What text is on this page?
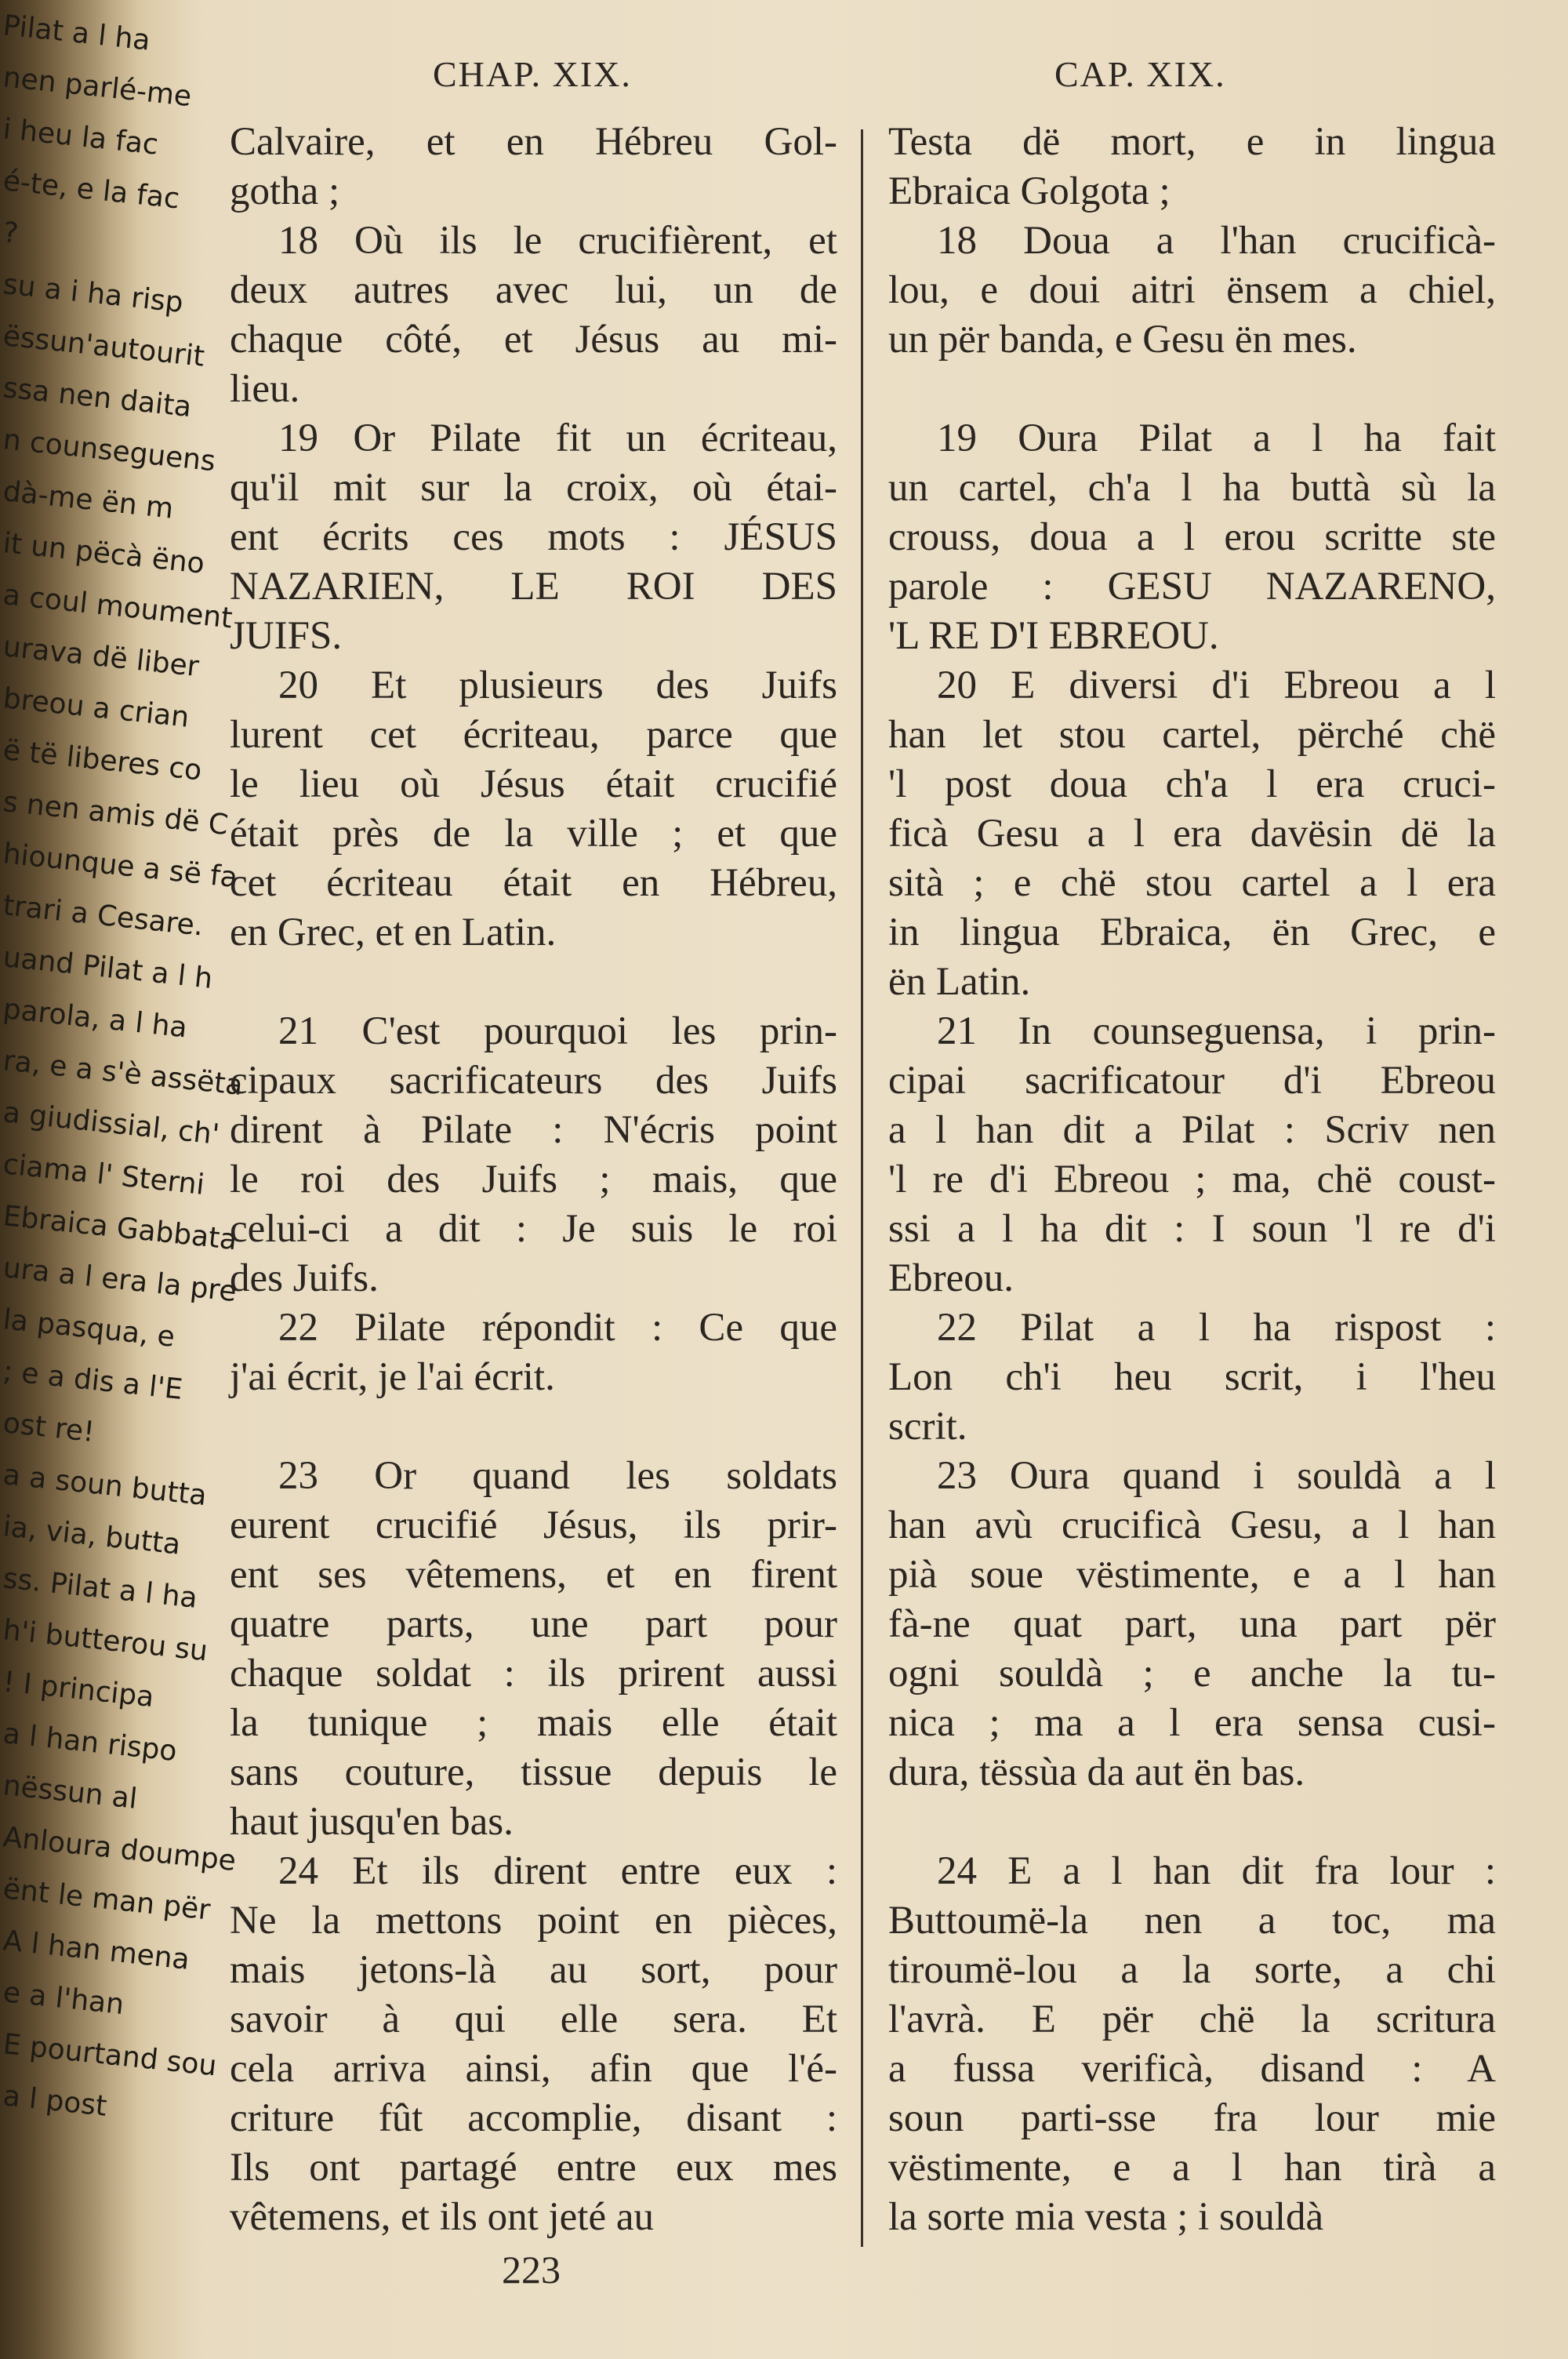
Pilat a l ha
nen parlé-me
i heu la fac
é-te, e la fac
?
su a i ha risp
ëssun'autourit
ssa nen daita
n counseguens
dà-me ën m
it un pëcà ëno
a coul moument
urava dë liber
breou a crian
ë të liberes co
s nen amis dë C
hiounque a së fa
trari a Cesare.
uand Pilat a l h
parola, a l ha
ra, e a s'è assëta
a giudissial, ch'
ciama l' Sterni
Ebraica Gabbata
ura a l era la pre
la pasqua, e
; e a dis a l'E
ost re!
a a soun butta
ia, via, butta
ss. Pilat a l ha
h'i butterou su
! I principa
a l han rispo
nëssun al
Anloura doumpe
ënt le man për
A l han mena
e a l'han
E pourtand sou
a l post
CHAP. XIX.	CAP. XIX.
Calvaire, et en Hébreu Gol-
gotha ;
18 Où ils le crucifièrent, et
deux autres avec lui, un de
chaque côté, et Jésus au mi-
lieu.
19 Or Pilate fit un écriteau,
qu'il mit sur la croix, où étai-
ent écrits ces mots : JÉSUS
NAZARIEN, LE ROI DES
JUIFS.
20 Et plusieurs des Juifs
lurent cet écriteau, parce que
le lieu où Jésus était crucifié
était près de la ville ; et que
cet écriteau était en Hébreu,
en Grec, et en Latin.
21 C'est pourquoi les prin-
cipaux sacrificateurs des Juifs
dirent à Pilate : N'écris point
le roi des Juifs ; mais, que
celui-ci a dit : Je suis le roi
des Juifs.
22 Pilate répondit : Ce que
j'ai écrit, je l'ai écrit.
23 Or quand les soldats
eurent crucifié Jésus, ils prir-
ent ses vêtemens, et en firent
quatre parts, une part pour
chaque soldat : ils prirent aussi
la tunique ; mais elle était
sans couture, tissue depuis le
haut jusqu'en bas.
24 Et ils dirent entre eux :
Ne la mettons point en pièces,
mais jetons-là au sort, pour
savoir à qui elle sera. Et
cela arriva ainsi, afin que l'é-
criture fût accomplie, disant :
Ils ont partagé entre eux mes
vêtemens, et ils ont jeté au
Testa dë mort, e in lingua
Ebraica Golgota ;
18 Doua a l'han crucificà-
lou, e doui aitri ënsem a chiel,
un për banda, e Gesu ën mes.
19 Oura Pilat a l ha fait
un cartel, ch'a l ha buttà sù la
crouss, doua a l erou scritte ste
parole : GESU NAZARENO,
'L RE D'I EBREOU.
20 E diversi d'i Ebreou a l
han let stou cartel, përché chë
'l post doua ch'a l era cruci-
ficà Gesu a l era davësin dë la
sità ; e chë stou cartel a l era
in lingua Ebraica, ën Grec, e
ën Latin.
21 In counseguensa, i prin-
cipai sacrificatour d'i Ebreou
a l han dit a Pilat : Scriv nen
'l re d'i Ebreou ; ma, chë coust-
ssi a l ha dit : I soun 'l re d'i
Ebreou.
22 Pilat a l ha rispost :
Lon ch'i heu scrit, i l'heu
scrit.
23 Oura quand i souldà a l
han avù crucificà Gesu, a l han
pià soue vëstimente, e a l han
fà-ne quat part, una part për
ogni souldà ; e anche la tu-
nica ; ma a l era sensa cusi-
dura, tëssùa da aut ën bas.
24 E a l han dit fra lour :
Buttoumë-la nen a toc, ma
tiroumë-lou a la sorte, a chi
l'avrà. E për chë la scritura
a fussa verificà, disand : A
soun parti-sse fra lour mie
vëstimente, e a l han tirà a
la sorte mia vesta ; i souldà
223
